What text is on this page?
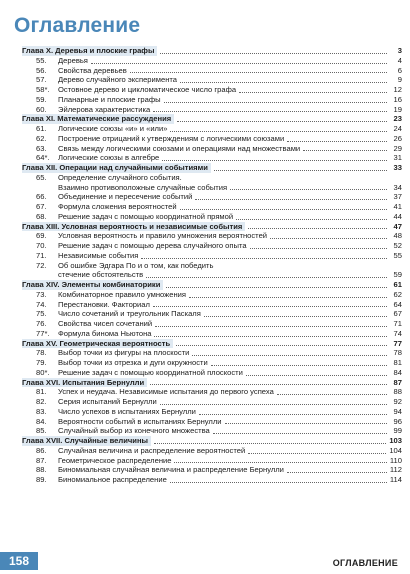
Оглавление
Глава X. Деревья и плоские графы	3
55. Деревья	4
56. Свойства деревьев	6
57. Дерево случайного эксперимента	9
58*. Остовное дерево и цикломатическое число графа	12
59. Планарные и плоские графы	16
60. Эйлерова характеристика	19
Глава XI. Математические рассуждения	23
61. Логические союзы «и» и «или»	24
62. Построение отрицаний к утверждениям с логическими союзами	26
63. Связь между логическими союзами и операциями над множествами	29
64*. Логические союзы в алгебре	31
Глава XII. Операции над случайными событиями	33
65. Определение случайного события.
Взаимно противоположные случайные события	34
66. Объединение и пересечение событий	37
67. Формула сложения вероятностей	41
68. Решение задач с помощью координатной прямой	44
Глава XIII. Условная вероятность и независимые события	47
69. Условная вероятность и правило умножения вероятностей	48
70. Решение задач с помощью дерева случайного опыта	52
71. Независимые события	55
72. Об ошибке Эдгара По и о том, как победить
стечение обстоятельств	59
Глава XIV. Элементы комбинаторики	61
73. Комбинаторное правило умножения	62
74. Перестановки. Факториал	64
75. Число сочетаний и треугольник Паскаля	67
76. Свойства чисел сочетаний	71
77*. Формула бинома Ньютона	74
Глава XV. Геометрическая вероятность	77
78. Выбор точки из фигуры на плоскости	78
79. Выбор точки из отрезка и дуги окружности	81
80*. Решение задач с помощью координатной плоскости	84
Глава XVI. Испытания Бернулли	87
81. Успех и неудача. Независимые испытания до первого успеха	88
82. Серия испытаний Бернулли	92
83. Число успехов в испытаниях Бернулли	94
84. Вероятности событий в испытаниях Бернулли	96
85. Случайный выбор из конечного множества	99
Глава XVII. Случайные величины	103
86. Случайная величина и распределение вероятностей	104
87. Геометрическое распределение	110
88. Биномиальная случайная величина и распределение Бернулли	112
89. Биномиальное распределение	114
158	ОГЛАВЛЕНИЕ
